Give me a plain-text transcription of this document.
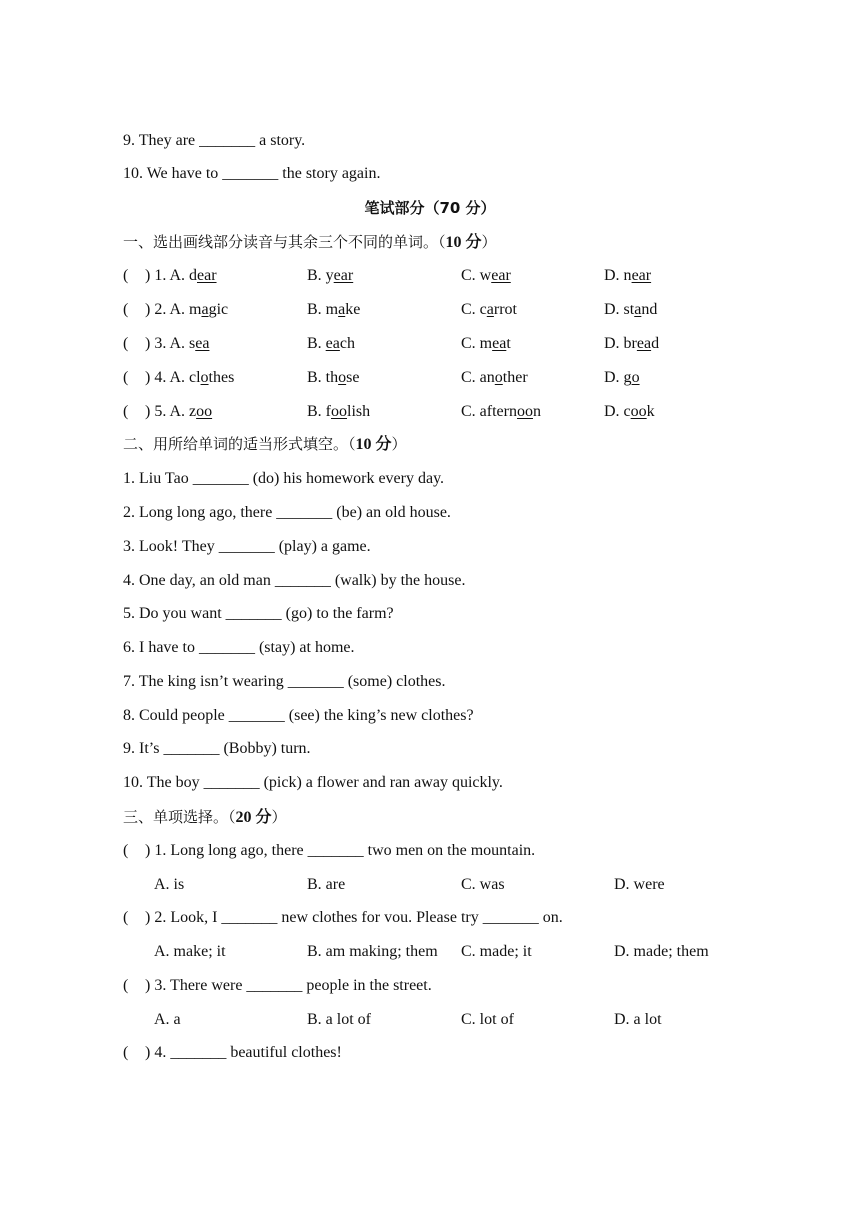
9. They are _______ a story.
10. We have to _______ the story again.
笔试部分（70 分）
一、选出画线部分读音与其余三个不同的单词。（10 分）
(	) 1. A. dear	B. year	C. wear	D. near
(	) 2. A. magic	B. make	C. carrot	D. stand
(	) 3. A. sea	B. each	C. meat	D. bread
(	) 4. A. clothes	B. those	C. another	D. go
(	) 5. A. zoo	B. foolish	C. afternoon	D. cook
二、用所给单词的适当形式填空。（10 分）
1. Liu Tao _______ (do) his homework every day.
2. Long long ago, there _______ (be) an old house.
3. Look! They _______ (play) a game.
4. One day, an old man _______ (walk) by the house.
5. Do you want _______ (go) to the farm?
6. I have to _______ (stay) at home.
7. The king isn’t wearing _______ (some) clothes.
8. Could people _______ (see) the king’s new clothes?
9. It’s _______ (Bobby) turn.
10. The boy _______ (pick) a flower and ran away quickly.
三、单项选择。（20 分）
(	) 1. Long long ago, there _______ two men on the mountain.
A. is	B. are	C. was	D. were
(	) 2. Look, I _______ new clothes for vou. Please try _______ on.
A. make; it	B. am making; them C. made; it	D. made; them
(	) 3. There were _______ people in the street.
A. a	B. a lot of	C. lot of	D. a lot
(	) 4. _______ beautiful clothes!
